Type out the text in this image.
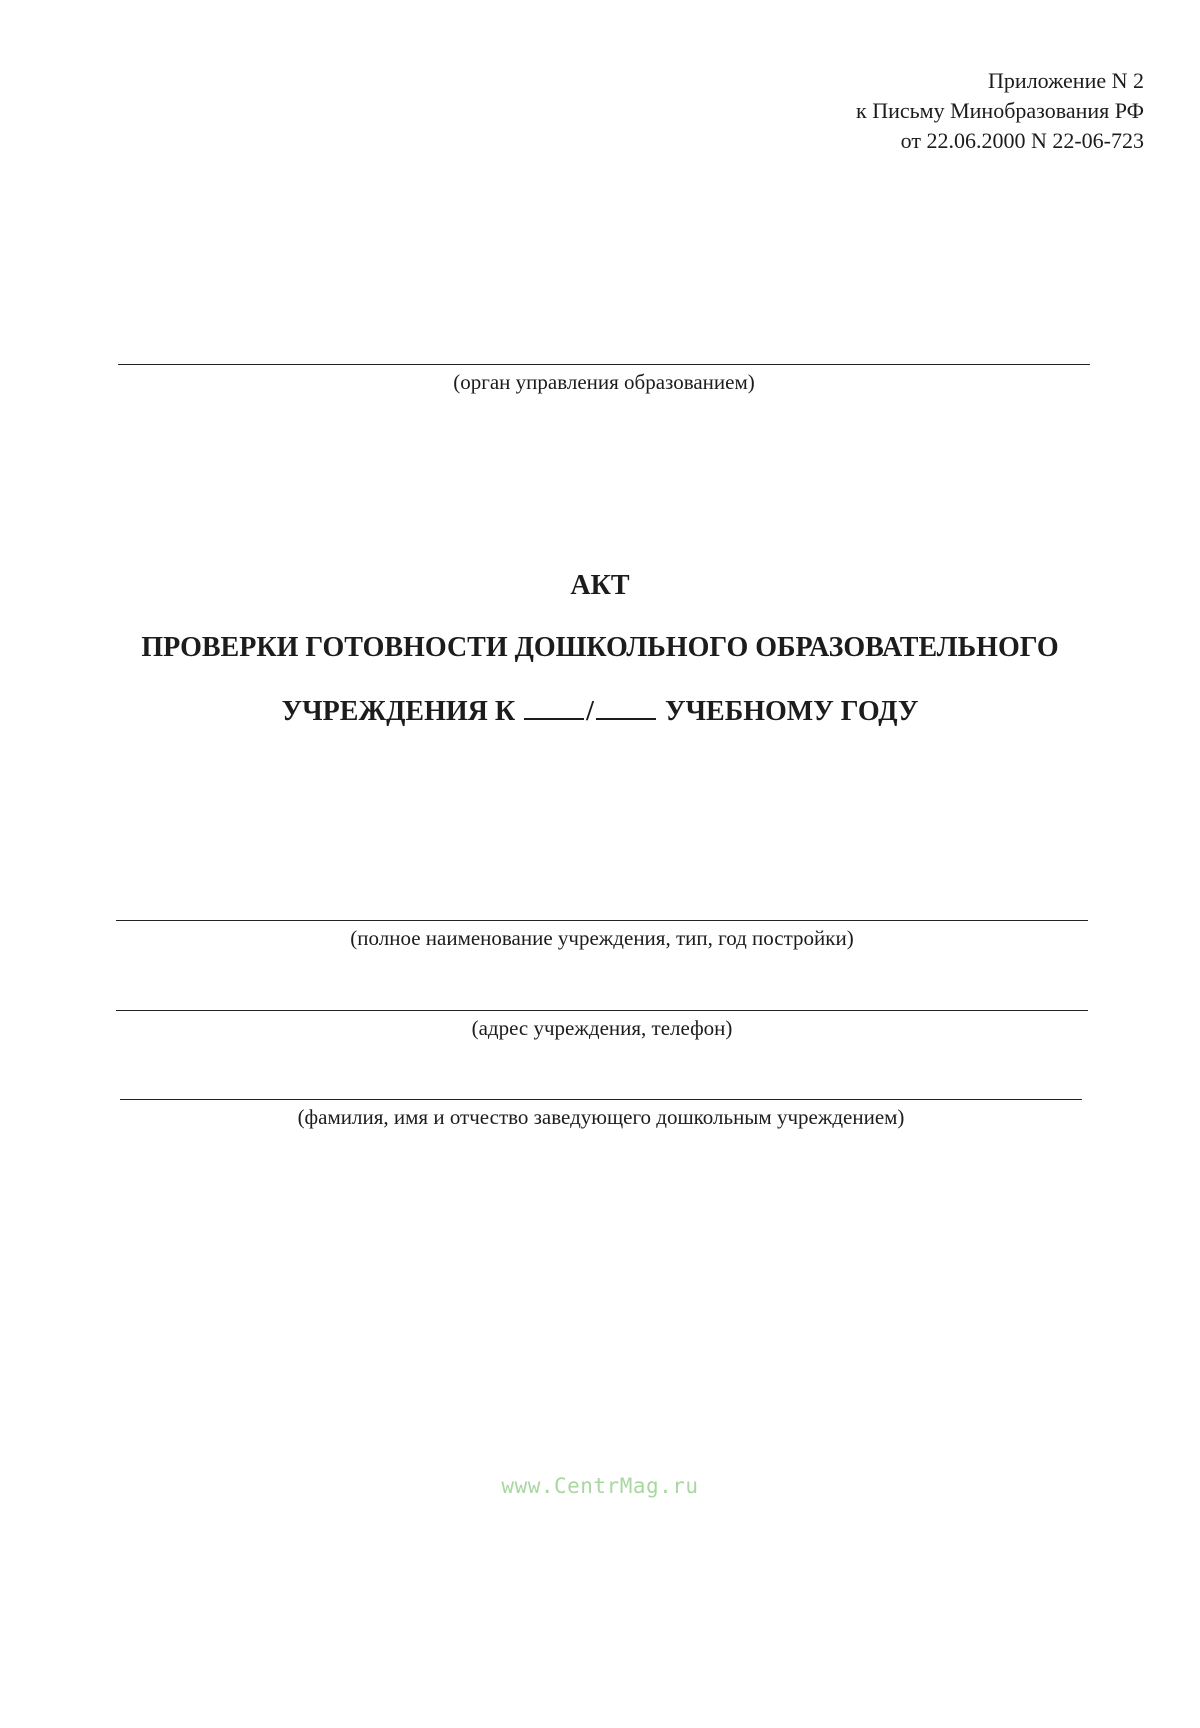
Приложение N 2
к Письму Минобразования РФ
от 22.06.2000 N 22-06-723
(орган управления образованием)
АКТ
ПРОВЕРКИ ГОТОВНОСТИ ДОШКОЛЬНОГО ОБРАЗОВАТЕЛЬНОГО
УЧРЕЖДЕНИЯ К	/	УЧЕБНОМУ ГОДУ
(полное наименование учреждения, тип, год постройки)
(адрес учреждения, телефон)
(фамилия, имя и отчество заведующего дошкольным учреждением)
www.CentrMag.ru
